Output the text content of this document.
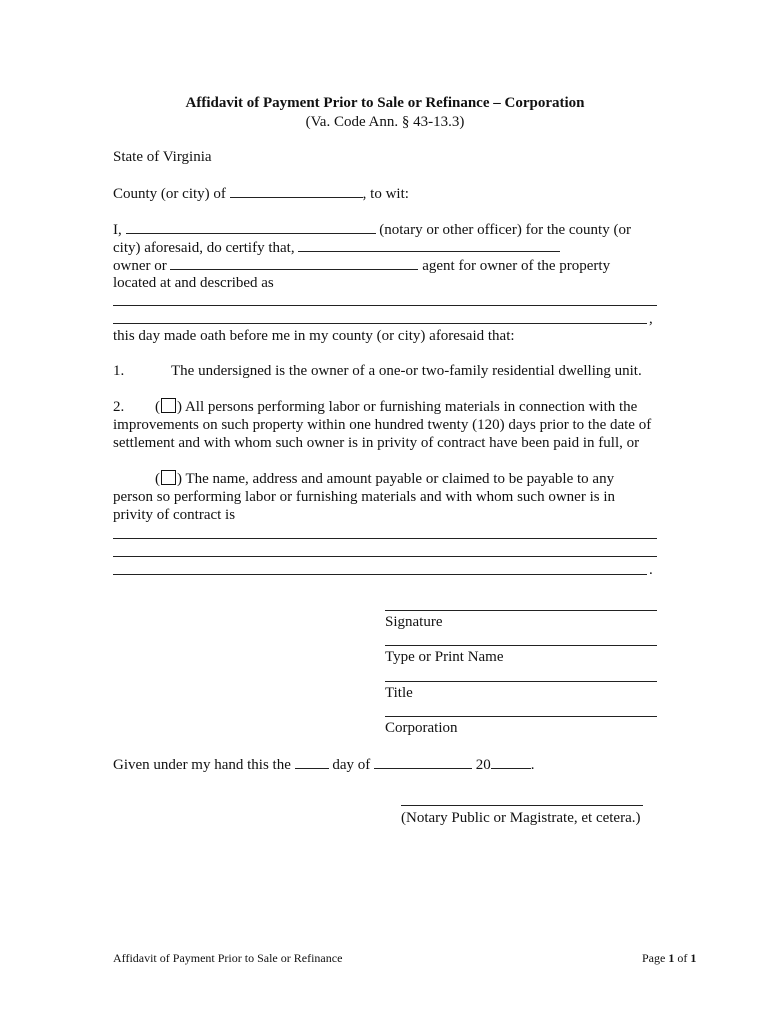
Affidavit of Payment Prior to Sale or Refinance – Corporation
(Va. Code Ann. § 43-13.3)
State of Virginia
County (or city) of	, to wit:
I,	(notary or other officer) for the county (or
city) aforesaid, do certify that,
owner or	agent for owner of the property
located at and described as
,
this day made oath before me in my county (or city) aforesaid that:
1.	The undersigned is the owner of a one-or two-family residential dwelling unit.
2. ( ) All persons performing labor or furnishing materials in connection with the
improvements on such property within one hundred twenty (120) days prior to the date of
settlement and with whom such owner is in privity of contract have been paid in full, or
( ) The name, address and amount payable or claimed to be payable to any
person so performing labor or furnishing materials and with whom such owner is in
privity of contract is
.
Signature
Type or Print Name
Title
Corporation
Given under my hand this the	day of	20	.
(Notary Public or Magistrate, et cetera.)
Affidavit of Payment Prior to Sale or Refinance	Page 1 of 1
